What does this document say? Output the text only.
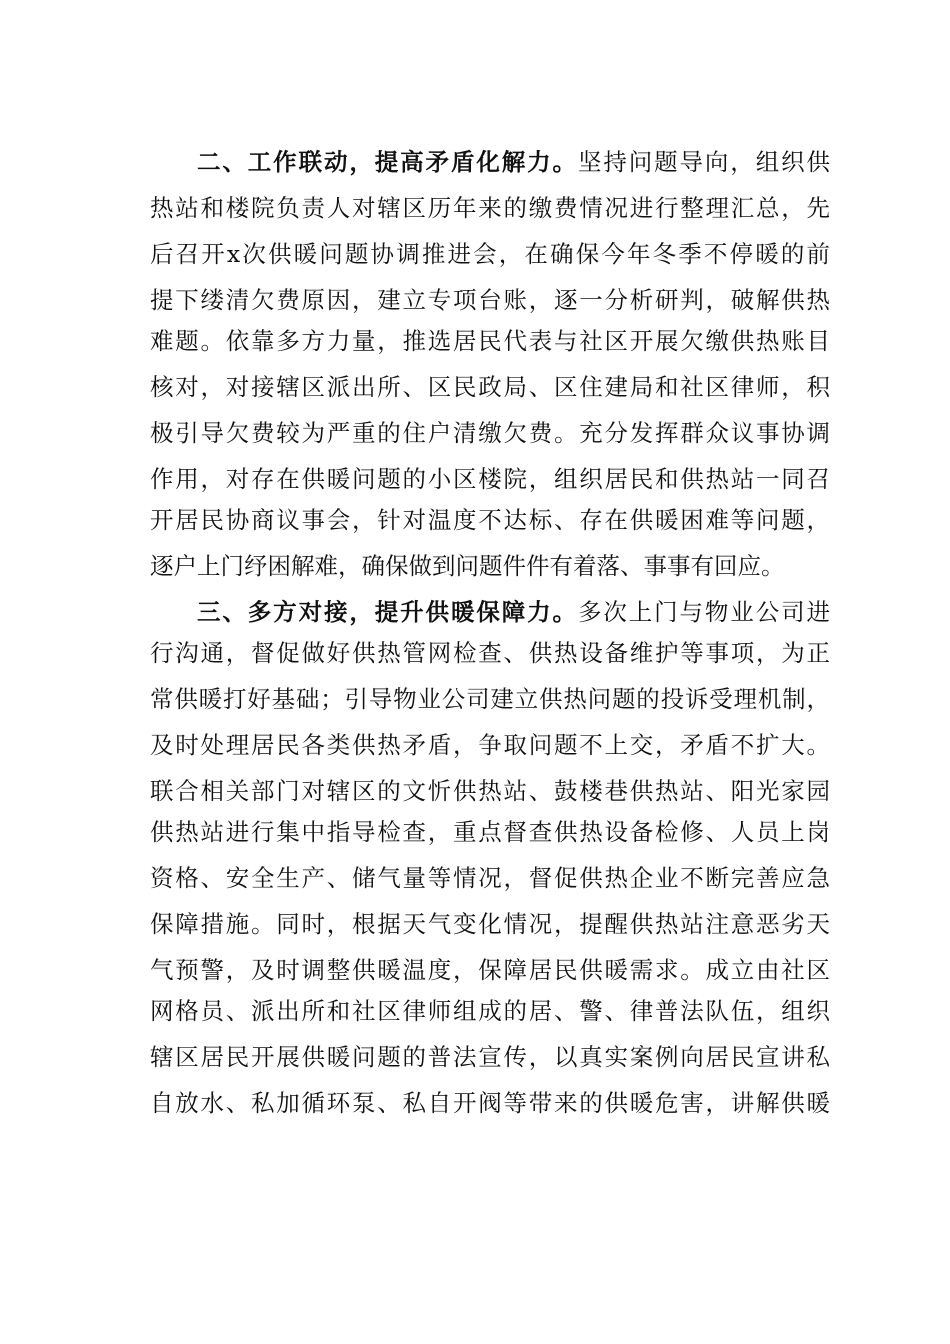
二、工作联动，提高矛盾化解力。坚持问题导向，组织供
热站和楼院负责人对辖区历年来的缴费情况进行整理汇总，先
后召开x次供暖问题协调推进会，在确保今年冬季不停暖的前
提下缕清欠费原因，建立专项台账，逐一分析研判，破解供热
难题。依靠多方力量，推选居民代表与社区开展欠缴供热账目
核对，对接辖区派出所、区民政局、区住建局和社区律师，积
极引导欠费较为严重的住户清缴欠费。充分发挥群众议事协调
作用，对存在供暖问题的小区楼院，组织居民和供热站一同召
开居民协商议事会，针对温度不达标、存在供暖困难等问题，
逐户上门纾困解难，确保做到问题件件有着落、事事有回应。
三、多方对接，提升供暖保障力。多次上门与物业公司进
行沟通，督促做好供热管网检查、供热设备维护等事项，为正
常供暖打好基础；引导物业公司建立供热问题的投诉受理机制，
及时处理居民各类供热矛盾，争取问题不上交，矛盾不扩大。
联合相关部门对辖区的文忻供热站、鼓楼巷供热站、阳光家园
供热站进行集中指导检查，重点督查供热设备检修、人员上岗
资格、安全生产、储气量等情况，督促供热企业不断完善应急
保障措施。同时，根据天气变化情况，提醒供热站注意恶劣天
气预警，及时调整供暖温度，保障居民供暖需求。成立由社区
网格员、派出所和社区律师组成的居、警、律普法队伍，组织
辖区居民开展供暖问题的普法宣传，以真实案例向居民宣讲私
自放水、私加循环泵、私自开阀等带来的供暖危害，讲解供暖
